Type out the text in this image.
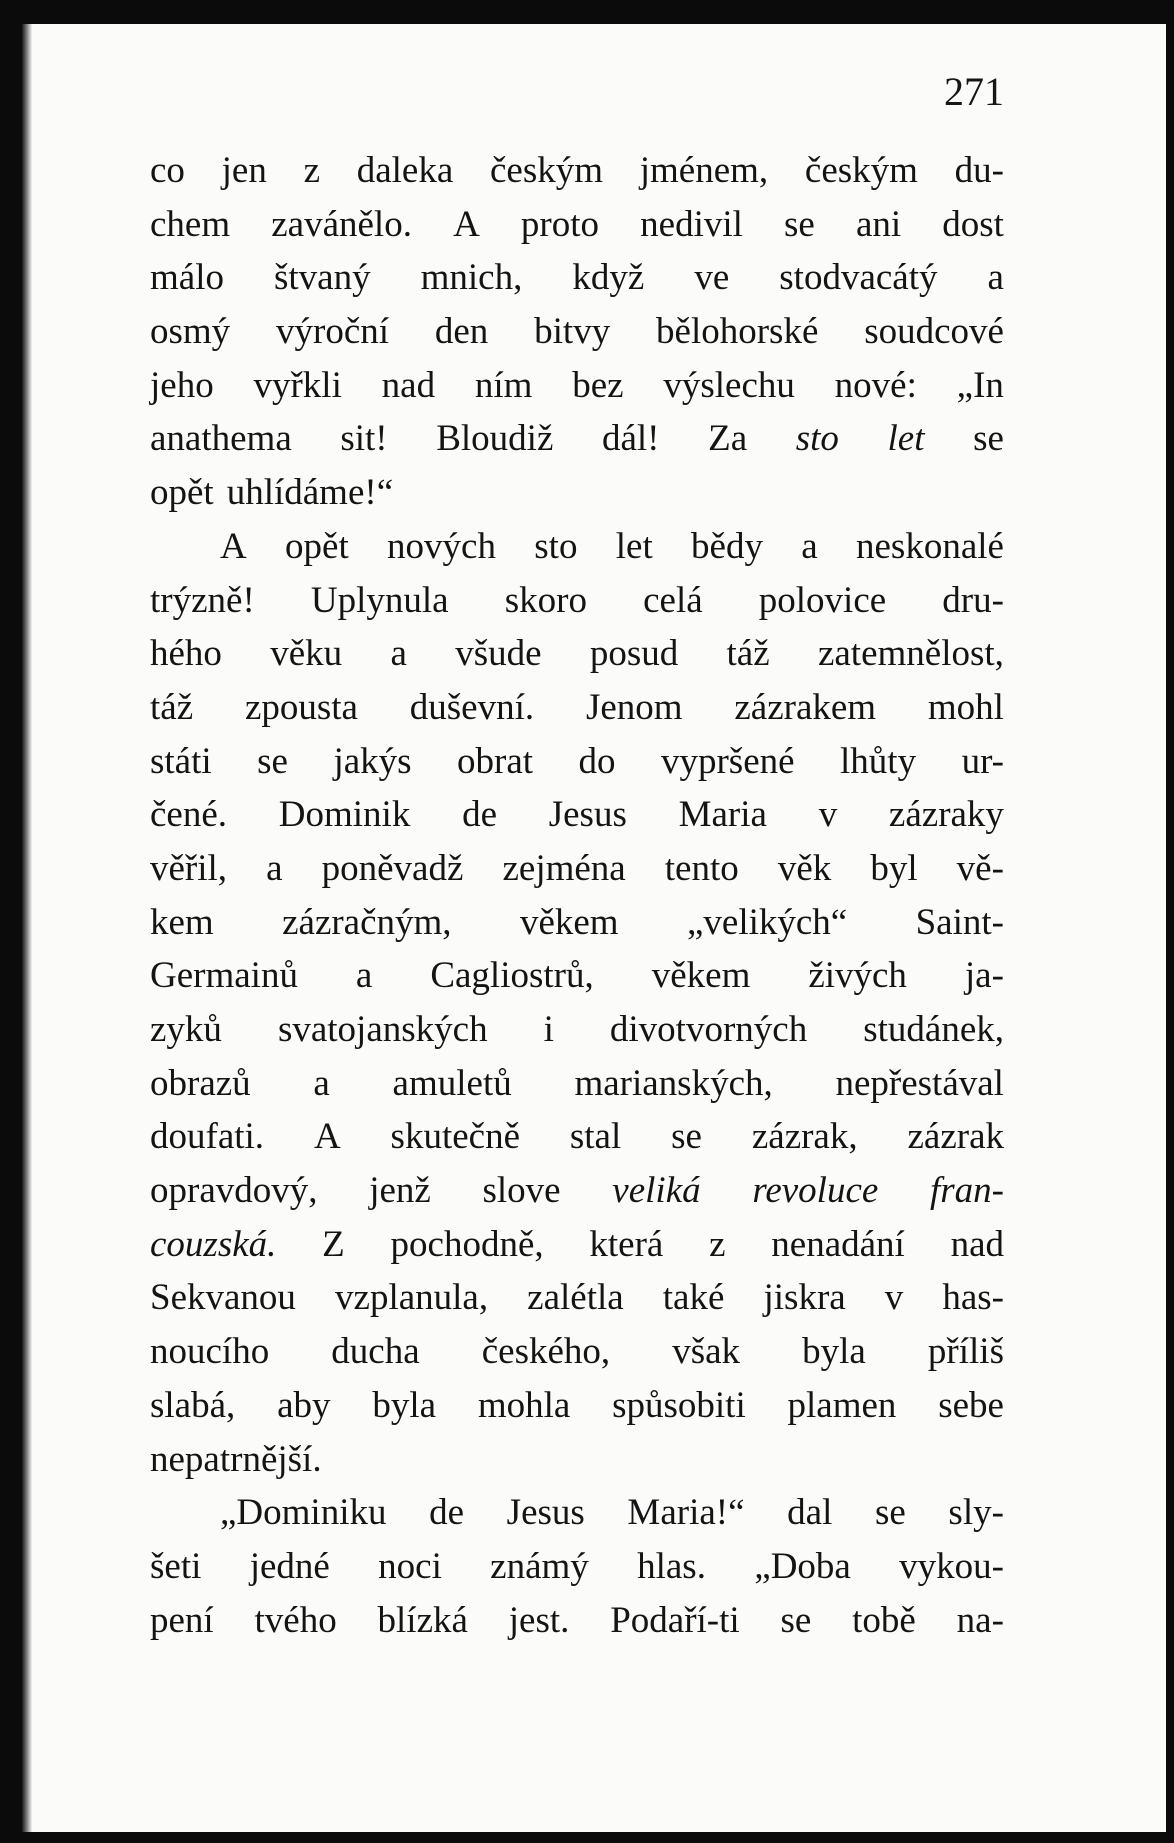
271
co jen z daleka českým jménem, českým du-
chem zavánělo. A proto nedivil se ani dost
málo štvaný mnich, když ve stodvacátý a
osmý výroční den bitvy bělohorské soudcové
jeho vyřkli nad ním bez výslechu nové: „In
anathema sit! Bloudiž dál! Za sto let se
opět uhlídáme!“
A opět nových sto let bědy a neskonalé
trýzně! Uplynula skoro celá polovice dru-
hého věku a všude posud táž zatemnělost,
táž zpousta duševní. Jenom zázrakem mohl
státi se jakýs obrat do vypršené lhůty ur-
čené. Dominik de Jesus Maria v zázraky
věřil, a poněvadž zejména tento věk byl vě-
kem zázračným, věkem „velikých“ Saint-
Germainů a Cagliostrů, věkem živých ja-
zyků svatojanských i divotvorných studánek,
obrazů a amuletů marianských, nepřestával
doufati. A skutečně stal se zázrak, zázrak
opravdový, jenž slove veliká revoluce fran-
couzská. Z pochodně, která z nenadání nad
Sekvanou vzplanula, zalétla také jiskra v has-
noucího ducha českého, však byla příliš
slabá, aby byla mohla spůsobiti plamen sebe
nepatrnější.
„Dominiku de Jesus Maria!“ dal se sly-
šeti jedné noci známý hlas. „Doba vykou-
pení tvého blízká jest. Podaří-ti se tobě na-
